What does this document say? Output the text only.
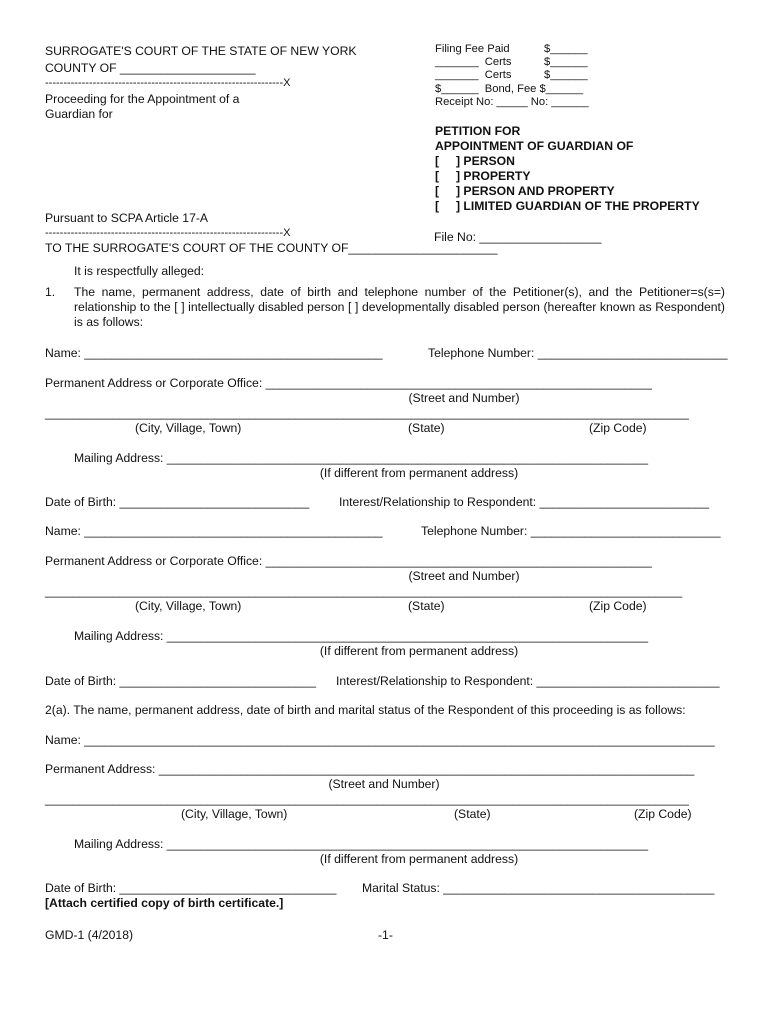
SURROGATE'S COURT OF THE STATE OF NEW YORK
COUNTY OF ____________________
-----------------------------------------------------------------X
Proceeding for the Appointment of a
Guardian for
Pursuant to SCPA Article 17-A
-----------------------------------------------------------------X
TO THE SURROGATE'S COURT OF THE COUNTY OF______________________
File No: __________________
Filing Fee Paid	$______
_______  Certs	$______
_______  Certs	$______
$______  Bond, Fee $______
Receipt No: _____ No: ______
PETITION FOR
APPOINTMENT OF GUARDIAN OF
[     ] PERSON
[     ] PROPERTY
[     ] PERSON AND PROPERTY
[     ] LIMITED GUARDIAN OF THE PROPERTY
It is respectfully alleged:
1. The name, permanent address, date of birth and telephone number of the Petitioner(s), and the Petitioner=s(s=) relationship to the [ ] intellectually disabled person [ ] developmentally disabled person (hereafter known as Respondent) is as follows:
Name: ____________________________________________	Telephone Number: ____________________________
Permanent Address or Corporate Office: _________________________________________________________
(Street and Number)
_______________________________________________________________________________________________
(City, Village, Town)	(State)	(Zip Code)
Mailing Address: _______________________________________________________________________
(If different from permanent address)
Date of Birth: ____________________________ Interest/Relationship to Respondent: _________________________
Name: ____________________________________________	Telephone Number: ____________________________
Permanent Address or Corporate Office: _________________________________________________________
(Street and Number)
______________________________________________________________________________________________
(City, Village, Town)	(State)	(Zip Code)
Mailing Address: _______________________________________________________________________
(If different from permanent address)
Date of Birth: _____________________________ Interest/Relationship to Respondent: ___________________________
2(a). The name, permanent address, date of birth and marital status of the Respondent of this proceeding is as follows:
Name: _____________________________________________________________________________________________
Permanent Address: _______________________________________________________________________________
(Street and Number)
_______________________________________________________________________________________________
(City, Village, Town)	(State)	(Zip Code)
Mailing Address: _______________________________________________________________________
(If different from permanent address)
Date of Birth: ________________________________ Marital Status: ________________________________________
[Attach certified copy of birth certificate.]
GMD-1 (4/2018)	-1-
